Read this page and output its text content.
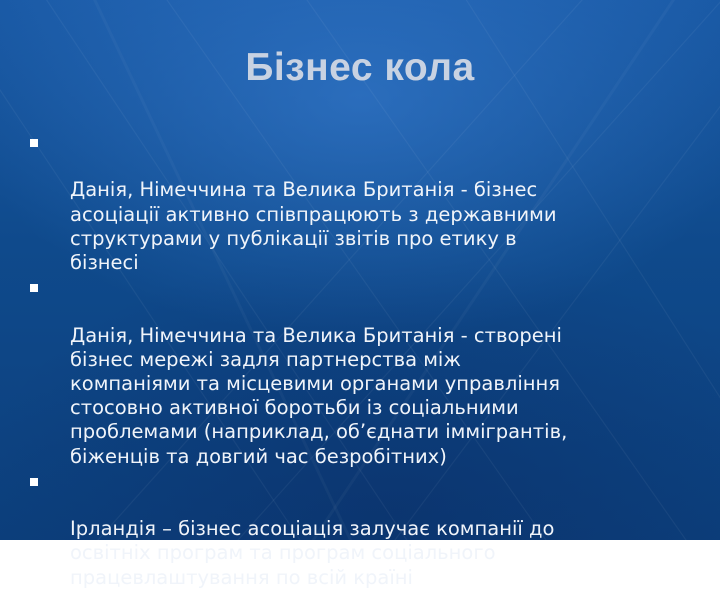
Бізнес кола

Данія, Німеччина та Велика Британія - бізнес
асоціації активно співпрацюють з державними
структурами у публікації звітів про етику в
бізнесі

Данія, Німеччина та Велика Британія - створені
бізнес мережі задля партнерства між
компаніями та місцевими органами управління
стосовно активної боротьби із соціальними
проблемами (наприклад, об’єднати іммігрантів,
біженців та довгий час безробітних)

Ірландія – бізнес асоціація залучає компанії до
освітніх програм та програм соціального
працевлаштування по всій країні
